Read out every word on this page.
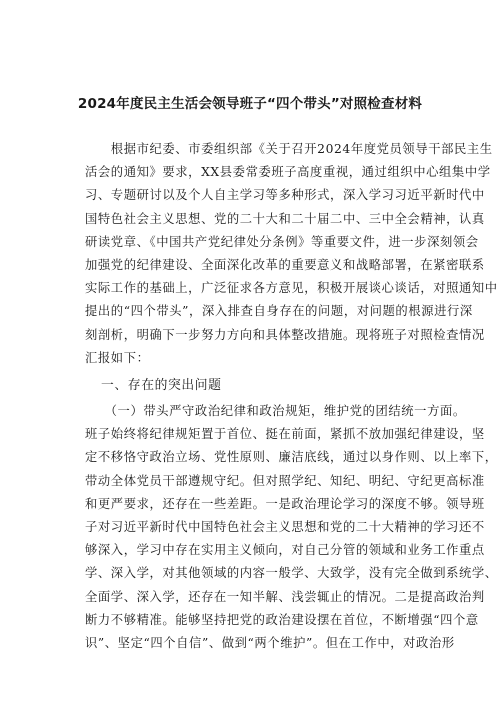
2024年度民主生活会领导班子“四个带头”对照检查材料
　　根据市纪委、市委组织部《关于召开2024年度党员领导干部民主生
活会的通知》要求，XX县委常委班子高度重视，通过组织中心组集中学
习、专题研讨以及个人自主学习等多种形式，深入学习习近平新时代中
国特色社会主义思想、党的二十大和二十届二中、三中全会精神，认真
研读党章、《中国共产党纪律处分条例》等重要文件，进一步深刻领会
加强党的纪律建设、全面深化改革的重要意义和战略部署，在紧密联系
实际工作的基础上，广泛征求各方意见，积极开展谈心谈话，对照通知中
提出的“四个带头”，深入排查自身存在的问题，对问题的根源进行深
刻剖析，明确下一步努力方向和具体整改措施。现将班子对照检查情况
汇报如下：
一、存在的突出问题
　　（一）带头严守政治纪律和政治规矩，维护党的团结统一方面。
班子始终将纪律规矩置于首位、挺在前面，紧抓不放加强纪律建设，坚
定不移恪守政治立场、党性原则、廉洁底线，通过以身作则、以上率下，
带动全体党员干部遵规守纪。但对照学纪、知纪、明纪、守纪更高标准
和更严要求，还存在一些差距。一是政治理论学习的深度不够。领导班
子对习近平新时代中国特色社会主义思想和党的二十大精神的学习还不
够深入，学习中存在实用主义倾向，对自己分管的领域和业务工作重点
学、深入学，对其他领域的内容一般学、大致学，没有完全做到系统学、
全面学、深入学，还存在一知半解、浅尝辄止的情况。二是提高政治判
断力不够精准。能够坚持把党的政治建设摆在首位，不断增强“四个意
识”、坚定“四个自信”、做到“两个维护”。但在工作中，对政治形
